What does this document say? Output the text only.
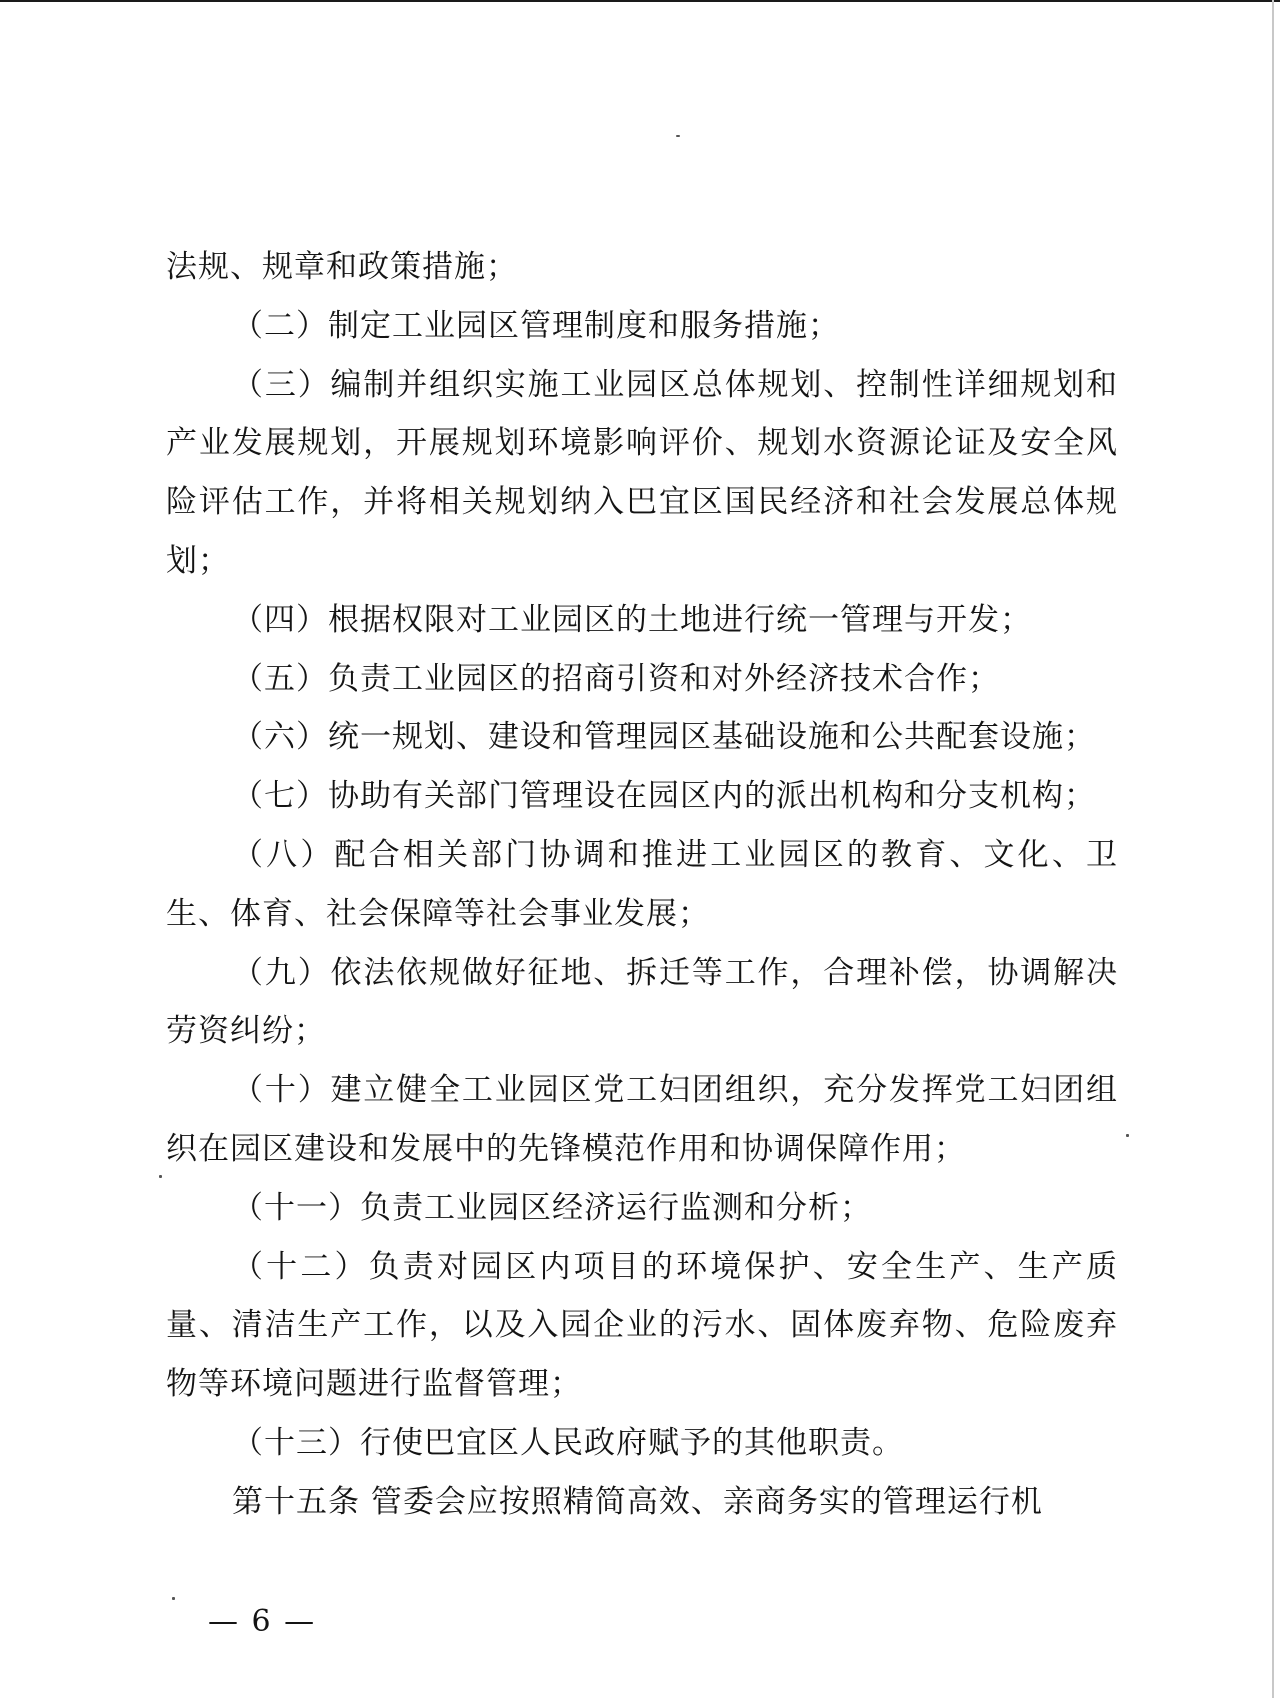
法规、规章和政策措施；

（二）制定工业园区管理制度和服务措施；

（三）编制并组织实施工业园区总体规划、控制性详细规划和产业发展规划，开展规划环境影响评价、规划水资源论证及安全风险评估工作，并将相关规划纳入巴宜区国民经济和社会发展总体规划；

（四）根据权限对工业园区的土地进行统一管理与开发；

（五）负责工业园区的招商引资和对外经济技术合作；

（六）统一规划、建设和管理园区基础设施和公共配套设施；

（七）协助有关部门管理设在园区内的派出机构和分支机构；

（八）配合相关部门协调和推进工业园区的教育、文化、卫生、体育、社会保障等社会事业发展；

（九）依法依规做好征地、拆迁等工作，合理补偿，协调解决劳资纠纷；

（十）建立健全工业园区党工妇团组织，充分发挥党工妇团组织在园区建设和发展中的先锋模范作用和协调保障作用；

（十一）负责工业园区经济运行监测和分析；

（十二）负责对园区内项目的环境保护、安全生产、生产质量、清洁生产工作，以及入园企业的污水、固体废弃物、危险废弃物等环境问题进行监督管理；

（十三）行使巴宜区人民政府赋予的其他职责。

第十五条 管委会应按照精简高效、亲商务实的管理运行机

— 6 —
